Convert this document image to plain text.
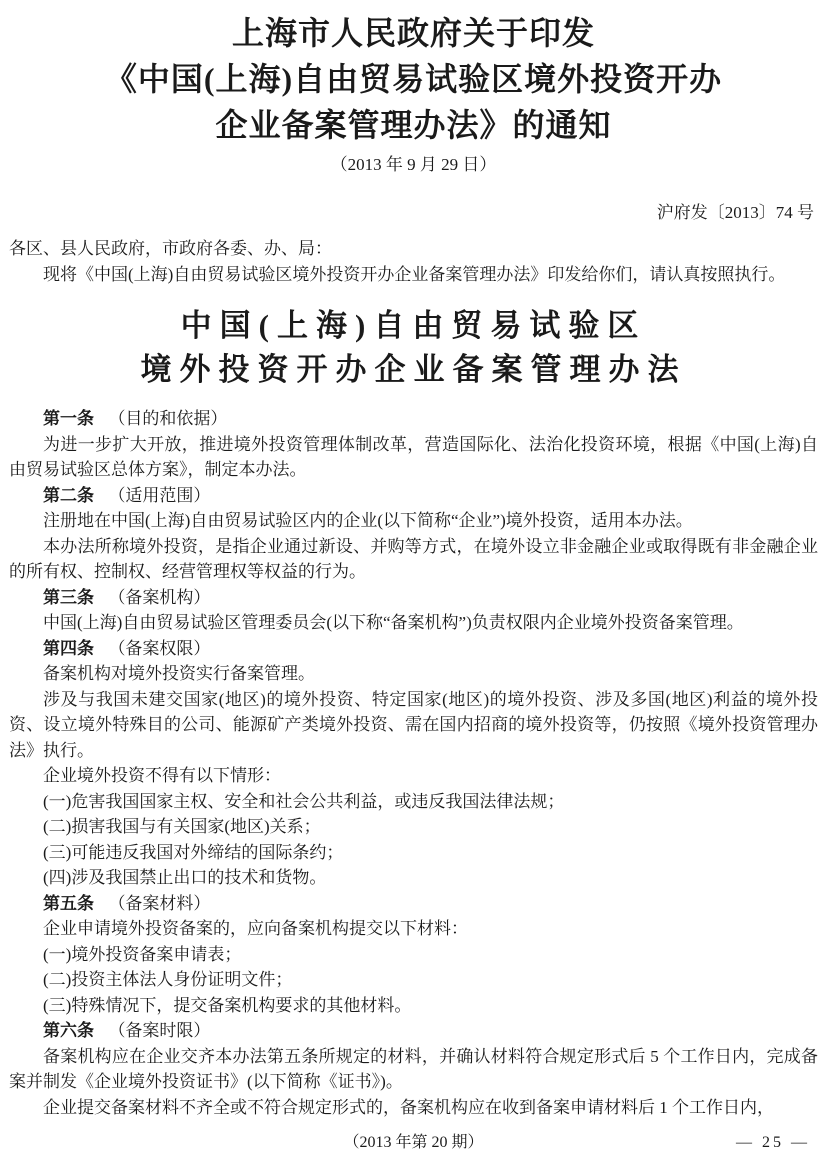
上海市人民政府关于印发
《中国(上海)自由贸易试验区境外投资开办
企业备案管理办法》的通知
（2013 年 9 月 29 日）
沪府发〔2013〕74 号
各区、县人民政府，市政府各委、办、局：

现将《中国(上海)自由贸易试验区境外投资开办企业备案管理办法》印发给你们，请认真按照执行。

中国(上海)自由贸易试验区
境外投资开办企业备案管理办法

第一条 （目的和依据）

为进一步扩大开放，推进境外投资管理体制改革，营造国际化、法治化投资环境，根据《中国(上海)自由贸易试验区总体方案》，制定本办法。

第二条 （适用范围）

注册地在中国(上海)自由贸易试验区内的企业(以下简称“企业”)境外投资，适用本办法。

本办法所称境外投资，是指企业通过新设、并购等方式，在境外设立非金融企业或取得既有非金融企业的所有权、控制权、经营管理权等权益的行为。

第三条 （备案机构）

中国(上海)自由贸易试验区管理委员会(以下称“备案机构”)负责权限内企业境外投资备案管理。

第四条 （备案权限）

备案机构对境外投资实行备案管理。

涉及与我国未建交国家(地区)的境外投资、特定国家(地区)的境外投资、涉及多国(地区)利益的境外投资、设立境外特殊目的公司、能源矿产类境外投资、需在国内招商的境外投资等，仍按照《境外投资管理办法》执行。

企业境外投资不得有以下情形：

(一)危害我国国家主权、安全和社会公共利益，或违反我国法律法规；

(二)损害我国与有关国家(地区)关系；

(三)可能违反我国对外缔结的国际条约；

(四)涉及我国禁止出口的技术和货物。

第五条 （备案材料）

企业申请境外投资备案的，应向备案机构提交以下材料：

(一)境外投资备案申请表；

(二)投资主体法人身份证明文件；

(三)特殊情况下，提交备案机构要求的其他材料。

第六条 （备案时限）

备案机构应在企业交齐本办法第五条所规定的材料，并确认材料符合规定形式后 5 个工作日内，完成备案并制发《企业境外投资证书》(以下简称《证书》)。

企业提交备案材料不齐全或不符合规定形式的，备案机构应在收到备案申请材料后 1 个工作日内，

（2013 年第 20 期）	— 25 —
